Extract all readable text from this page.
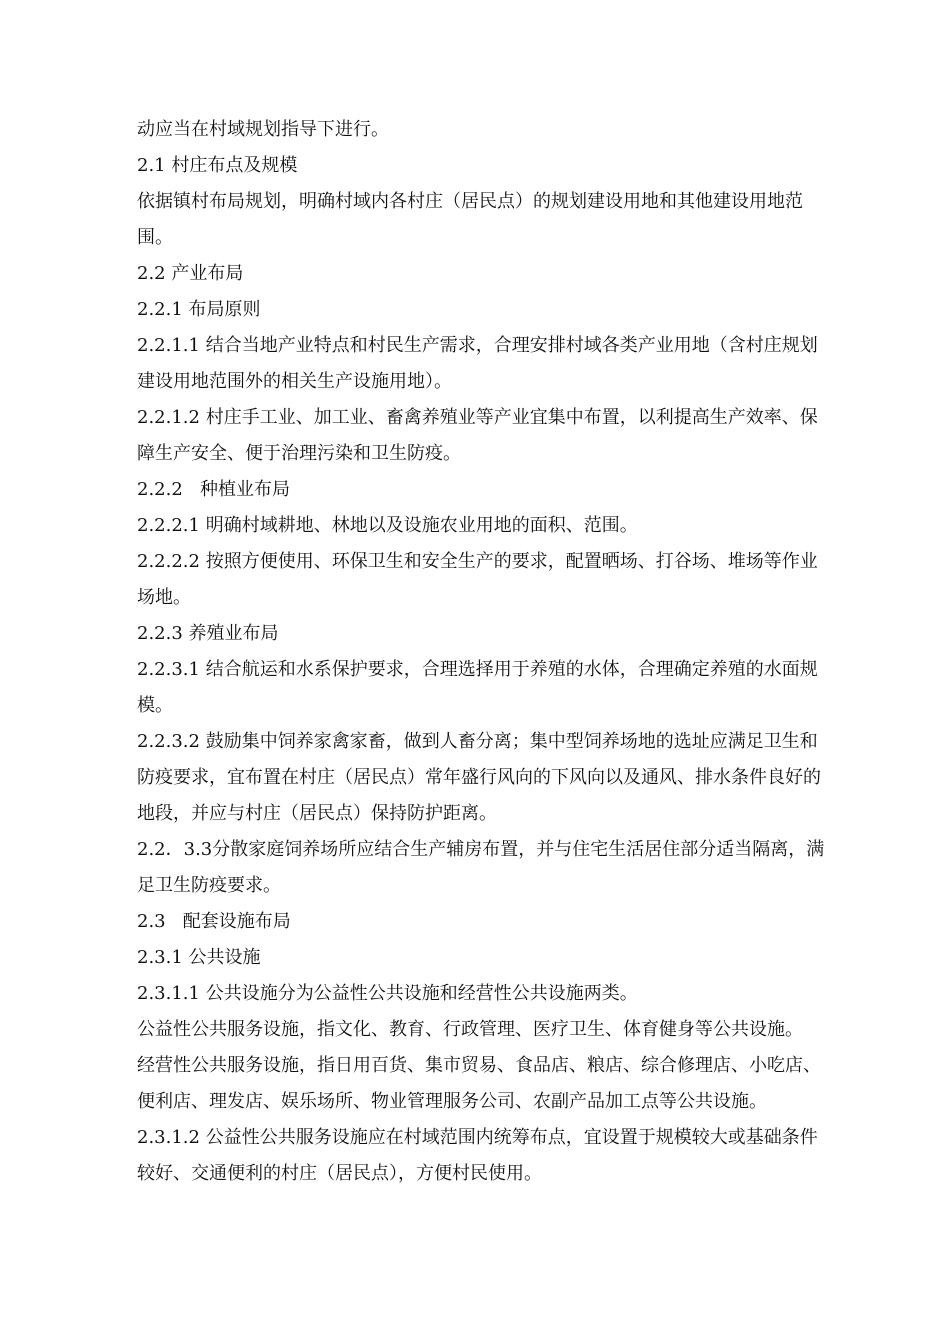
动应当在村域规划指导下进行。

2.1 村庄布点及规模

依据镇村布局规划，明确村域内各村庄（居民点）的规划建设用地和其他建设用地范围。

2.2 产业布局

2.2.1 布局原则

2.2.1.1 结合当地产业特点和村民生产需求，合理安排村域各类产业用地（含村庄规划建设用地范围外的相关生产设施用地）。

2.2.1.2 村庄手工业、加工业、畜禽养殖业等产业宜集中布置，以利提高生产效率、保障生产安全、便于治理污染和卫生防疫。

2.2.2   种植业布局

2.2.2.1 明确村域耕地、林地以及设施农业用地的面积、范围。

2.2.2.2 按照方便使用、环保卫生和安全生产的要求，配置晒场、打谷场、堆场等作业场地。

2.2.3 养殖业布局

2.2.3.1 结合航运和水系保护要求，合理选择用于养殖的水体，合理确定养殖的水面规模。

2.2.3.2 鼓励集中饲养家禽家畜，做到人畜分离；集中型饲养场地的选址应满足卫生和防疫要求，宜布置在村庄（居民点）常年盛行风向的下风向以及通风、排水条件良好的地段，并应与村庄（居民点）保持防护距离。

2.2．3.3分散家庭饲养场所应结合生产辅房布置，并与住宅生活居住部分适当隔离，满足卫生防疫要求。

2.3   配套设施布局

2.3.1 公共设施

2.3.1.1 公共设施分为公益性公共设施和经营性公共设施两类。

公益性公共服务设施，指文化、教育、行政管理、医疗卫生、体育健身等公共设施。

经营性公共服务设施，指日用百货、集市贸易、食品店、粮店、综合修理店、小吃店、便利店、理发店、娱乐场所、物业管理服务公司、农副产品加工点等公共设施。

2.3.1.2 公益性公共服务设施应在村域范围内统筹布点，宜设置于规模较大或基础条件较好、交通便利的村庄（居民点），方便村民使用。
